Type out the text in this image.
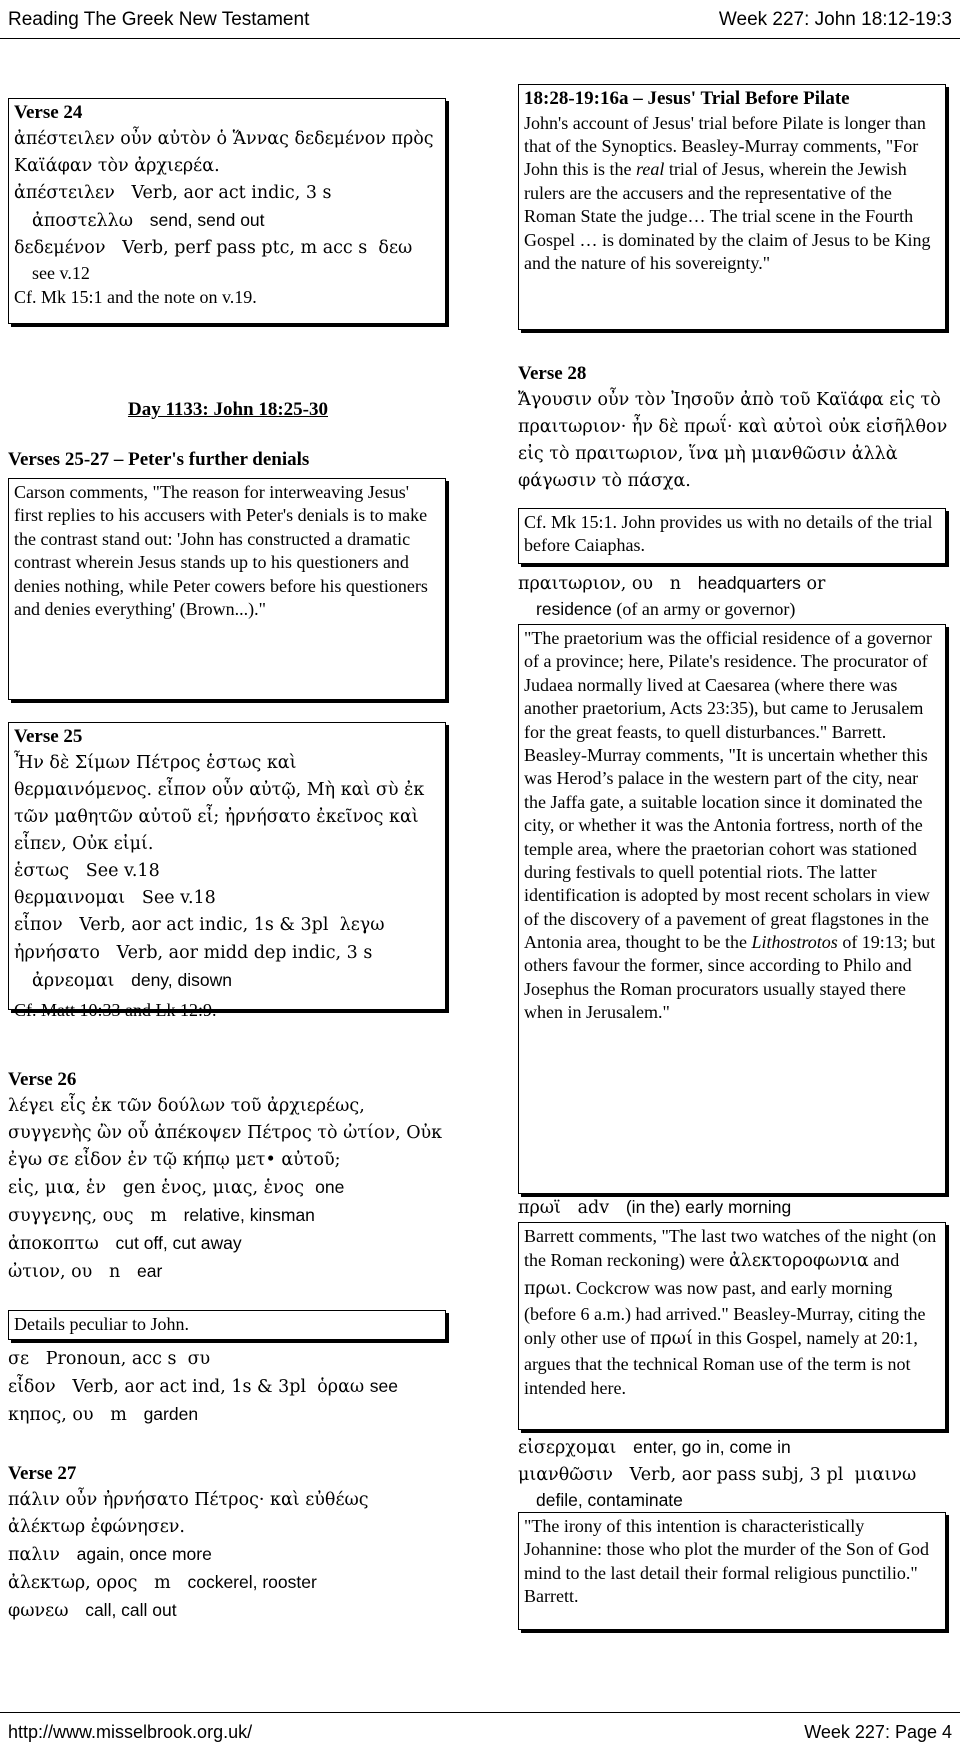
Reading The Greek New Testament	Week 227: John 18:12-19:3
Verse 24
ἀπέστειλεν οὖν αὐτὸν ὁ Ἅννας δεδεμένον πρὸς Καϊάφαν τὸν ἀρχιερέα.
ἀπέστειλεν Verb, aor act indic, 3 s
ἀποστελλω send, send out
δεδεμένον Verb, perf pass ptc, m acc s δεω
see v.12
Cf. Mk 15:1 and the note on v.19.
Day 1133: John 18:25-30
Verses 25-27 – Peter's further denials
Carson comments, "The reason for interweaving Jesus' first replies to his accusers with Peter's denials is to make the contrast stand out: 'John has constructed a dramatic contrast wherein Jesus stands up to his questioners and denies nothing, while Peter cowers before his questioners and denies everything' (Brown...)."
Verse 25
Ἦν δὲ Σίμων Πέτρος ἑστως καὶ θερμαινόμενος. εἶπον οὖν αὐτῷ, Μὴ καὶ σὺ ἐκ τῶν μαθητῶν αὐτοῦ εἶ; ἠρνήσατο ἐκεῖνος καὶ εἶπεν, Οὐκ εἰμί.
ἑστως See v.18
θερμαινομαι See v.18
εἶπον Verb, aor act indic, 1s & 3pl λεγω
ἠρνήσατο Verb, aor midd dep indic, 3 s
ἀρνεομαι deny, disown
Cf. Matt 10:33 and Lk 12:9.
Verse 26
λέγει εἷς ἐκ τῶν δούλων τοῦ ἀρχιερέως, συγγενὴς ὢν οὗ ἀπέκοψεν Πέτρος τὸ ὠτίον, Οὐκ ἐγω σε εἶδον ἐν τῷ κήπῳ μετ• αὐτοῦ;
εἱς, μια, ἑν gen ἑνος, μιας, ἑνος one
συγγενης, ους m relative, kinsman
ἀποκοπτω cut off, cut away
ὠτιον, ου n ear
Details peculiar to John.
σε Pronoun, acc s συ
εἶδον Verb, aor act ind, 1s & 3pl ὁραω see
κηπος, ου m garden
Verse 27
πάλιν οὖν ἠρνήσατο Πέτρος· καὶ εὐθέως ἀλέκτωρ ἐφώνησεν.
παλιν again, once more
ἀλεκτωρ, ορος m cockerel, rooster
φωνεω call, call out
18:28-19:16a – Jesus' Trial Before Pilate
John's account of Jesus' trial before Pilate is longer than that of the Synoptics. Beasley-Murray comments, "For John this is the real trial of Jesus, wherein the Jewish rulers are the accusers and the representative of the Roman State the judge… The trial scene in the Fourth Gospel … is dominated by the claim of Jesus to be King and the nature of his sovereignty."
Verse 28
Ἄγουσιν οὖν τὸν Ἰησοῦν ἀπὸ τοῦ Καϊάφα εἰς τὸ πραιτωριον· ἦν δὲ πρωΐ· καὶ αὐτοὶ οὐκ εἰσῆλθον εἰς τὸ πραιτωριον, ἵνα μὴ μιανθῶσιν ἀλλὰ φάγωσιν τὸ πάσχα.
Cf. Mk 15:1. John provides us with no details of the trial before Caiaphas.
πραιτωριον, ου n headquarters or
residence (of an army or governor)
"The praetorium was the official residence of a governor of a province; here, Pilate's residence. The procurator of Judaea normally lived at Caesarea (where there was another praetorium, Acts 23:35), but came to Jerusalem for the great feasts, to quell disturbances." Barrett.
Beasley-Murray comments, "It is uncertain whether this was Herod’s palace in the western part of the city, near the Jaffa gate, a suitable location since it dominated the city, or whether it was the Antonia fortress, north of the temple area, where the praetorian cohort was stationed during festivals to quell potential riots. The latter identification is adopted by most recent scholars in view of the discovery of a pavement of great flagstones in the Antonia area, thought to be the Lithostrotos of 19:13; but others favour the former, since according to Philo and Josephus the Roman procurators usually stayed there when in Jerusalem."
πρωϊ adv (in the) early morning
Barrett comments, "The last two watches of the night (on the Roman reckoning) were ἀλεκτοροφωνια and πρωι. Cockcrow was now past, and early morning (before 6 a.m.) had arrived." Beasley-Murray, citing the only other use of πρωί in this Gospel, namely at 20:1, argues that the technical Roman use of the term is not intended here.
εἰσερχομαι enter, go in, come in
μιανθῶσιν Verb, aor pass subj, 3 pl μιαινω
defile, contaminate
"The irony of this intention is characteristically Johannine: those who plot the murder of the Son of God mind to the last detail their formal religious punctilio." Barrett.
http://www.misselbrook.org.uk/	Week 227: Page 4
